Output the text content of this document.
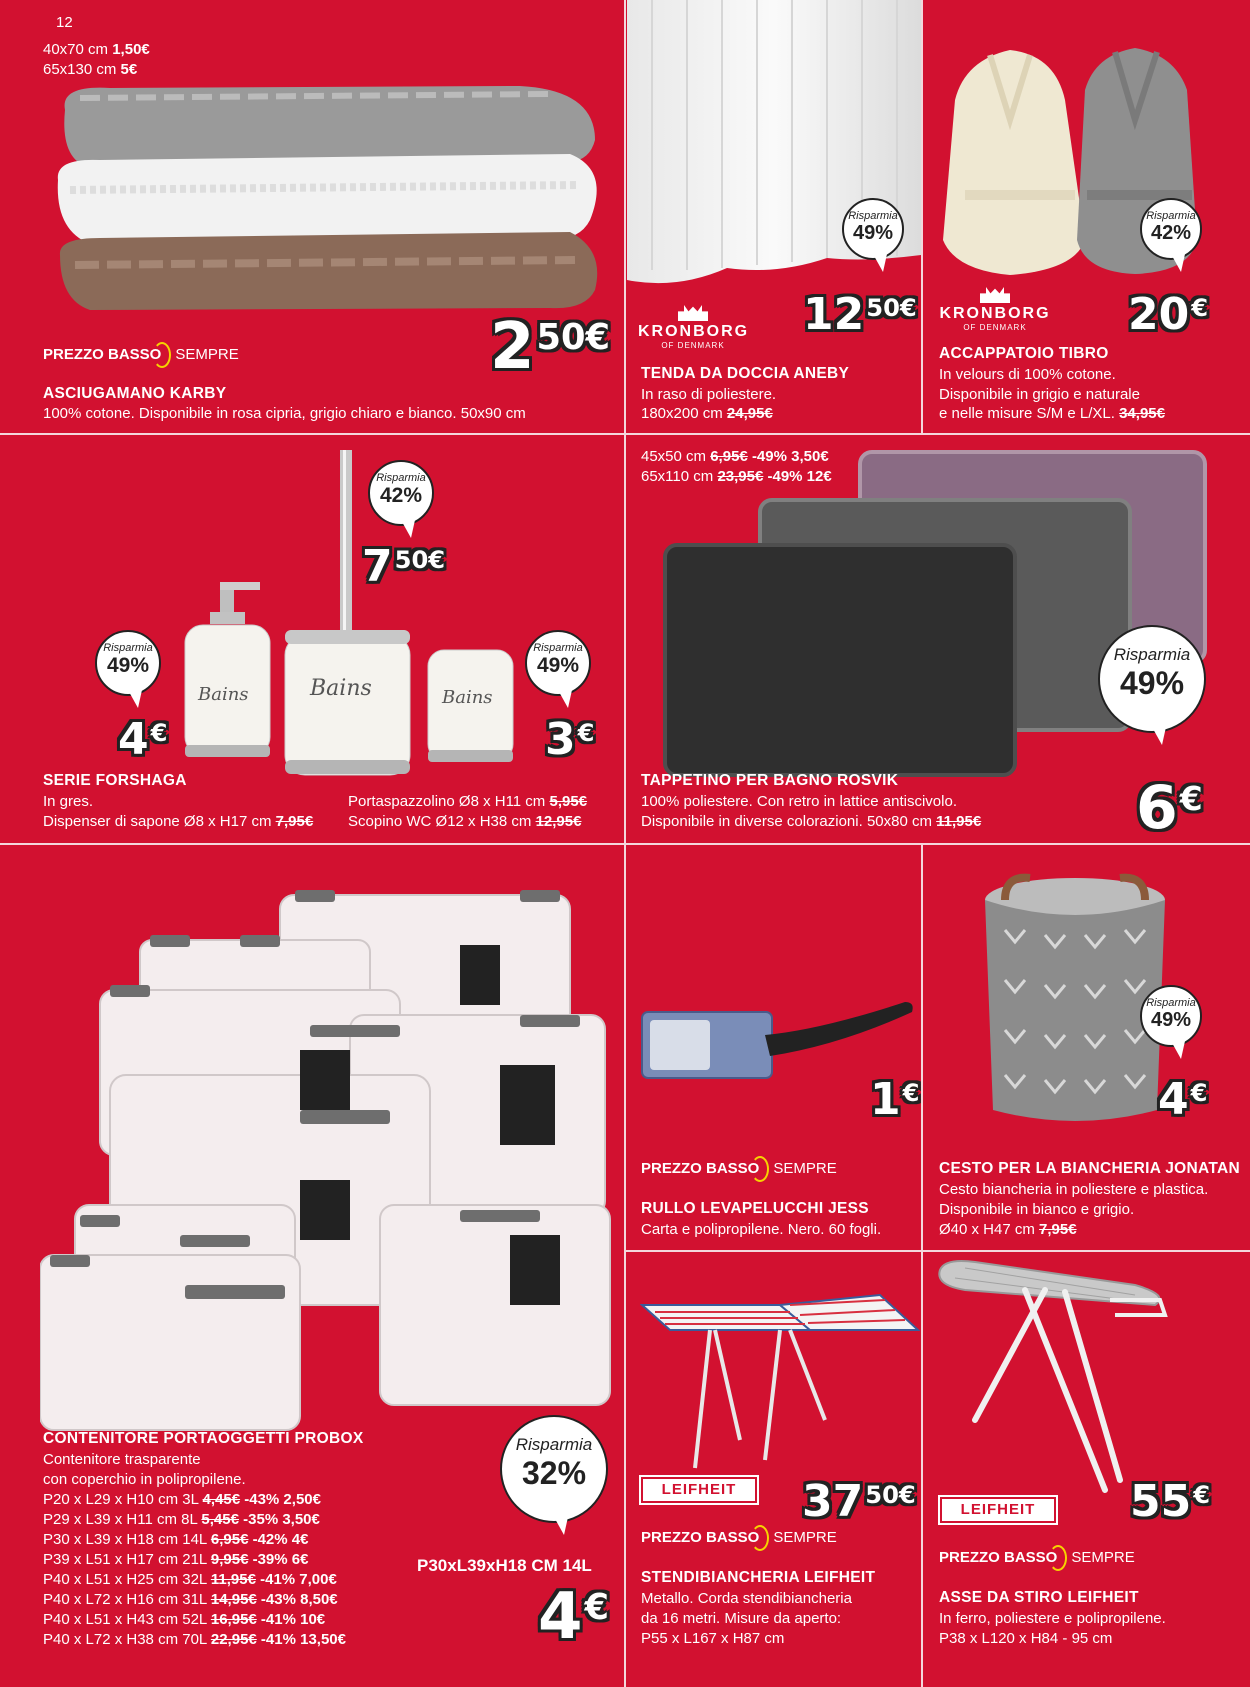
12
40x70 cm 1,50€
65x130 cm 5€
$2^{50€}$
PREZZO BASSO SEMPRE
ASCIUGAMANO KARBY
100% cotone. Disponibile in rosa cipria, grigio chiaro e bianco. 50x90 cm
Risparmia
49%
$12^{50€}$
KRONBORG
OF DENMARK
TENDA DA DOCCIA ANEBY
In raso di poliestere.
180x200 cm 24,95€
Risparmia
42%
20€
KRONBORG
OF DENMARK
ACCAPPATOIO TIBRO
In velours di 100% cotone.
Disponibile in grigio e naturale
e nelle misure S/M e L/XL. 34,95€
Bains	Bains	Bains
Risparmia
49%
Risparmia
42%
Risparmia
49%
4€
$7^{50€}$
3€
SERIE FORSHAGA
In gres.
Dispenser di sapone Ø8 x H17 cm 7,95€
Portaspazzolino Ø8 x H11 cm 5,95€
Scopino WC Ø12 x H38 cm 12,95€
45x50 cm 6,95€ -49% 3,50€
65x110 cm 23,95€ -49% 12€
Risparmia
49%
6€
TAPPETINO PER BAGNO ROSVIK
100% poliestere. Con retro in lattice antiscivolo.
Disponibile in diverse colorazioni. 50x80 cm 11,95€
CONTENITORE PORTAOGGETTI PROBOX
Contenitore trasparente
con coperchio in polipropilene.
P20 x L29 x H10 cm 3L 4,45€ -43% 2,50€
P29 x L39 x H11 cm 8L 5,45€ -35% 3,50€
P30 x L39 x H18 cm 14L 6,95€ -42% 4€
P39 x L51 x H17 cm 21L 9,95€ -39% 6€
P40 x L51 x H25 cm 32L 11,95€ -41% 7,00€
P40 x L72 x H16 cm 31L 14,95€ -43% 8,50€
P40 x L51 x H43 cm 52L 16,95€ -41% 10€
P40 x L72 x H38 cm 70L 22,95€ -41% 13,50€
Risparmia
32%
P30xL39xH18 CM 14L
4€
1€
PREZZO BASSO SEMPRE
RULLO LEVAPELUCCHI JESS
Carta e polipropilene. Nero. 60 fogli.
Risparmia
49%
4€
CESTO PER LA BIANCHERIA JONATAN
Cesto biancheria in poliestere e plastica.
Disponibile in bianco e grigio.
Ø40 x H47 cm 7,95€
LEIFHEIT	$37^{50€}$
PREZZO BASSO SEMPRE
STENDIBIANCHERIA LEIFHEIT
Metallo. Corda stendibiancheria
da 16 metri. Misure da aperto:
P55 x L167 x H87 cm
LEIFHEIT	55€
PREZZO BASSO SEMPRE
ASSE DA STIRO LEIFHEIT
In ferro, poliestere e polipropilene.
P38 x L120 x H84 - 95 cm
